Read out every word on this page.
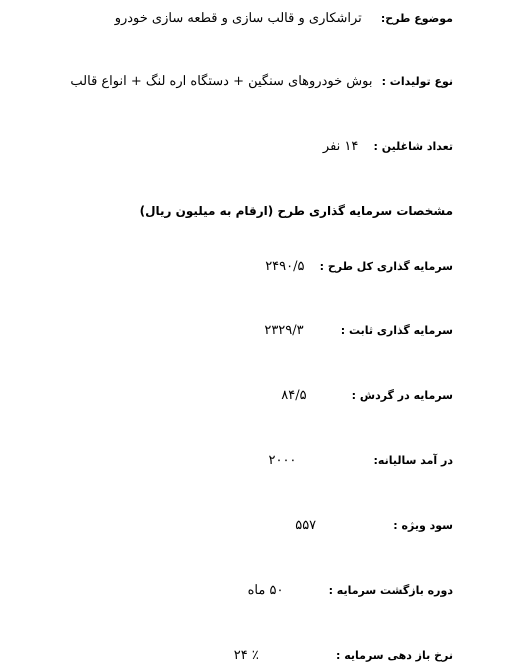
موضوع طرح: تراشکاری و قالب سازی و قطعه سازی خودرو
نوع تولیدات : بوش خودروهای سنگین + دستگاه اره لنگ + انواع قالب
تعداد شاغلین : ۱۴ نفر
مشخصات سرمایه گذاری طرح (ارقام به میلیون ریال)
سرمایه گذاری کل طرح : ۲۴۹۰/۵
سرمایه گذاری ثابت : ۲۳۲۹/۳
سرمایه در گردش : ۸۴/۵
در آمد سالیانه: ۲۰۰۰
سود ویژه : ۵۵۷
دوره بازگشت سرمایه : ۵۰ ماه
نرخ باز دهی سرمایه : ٪ ۲۴
